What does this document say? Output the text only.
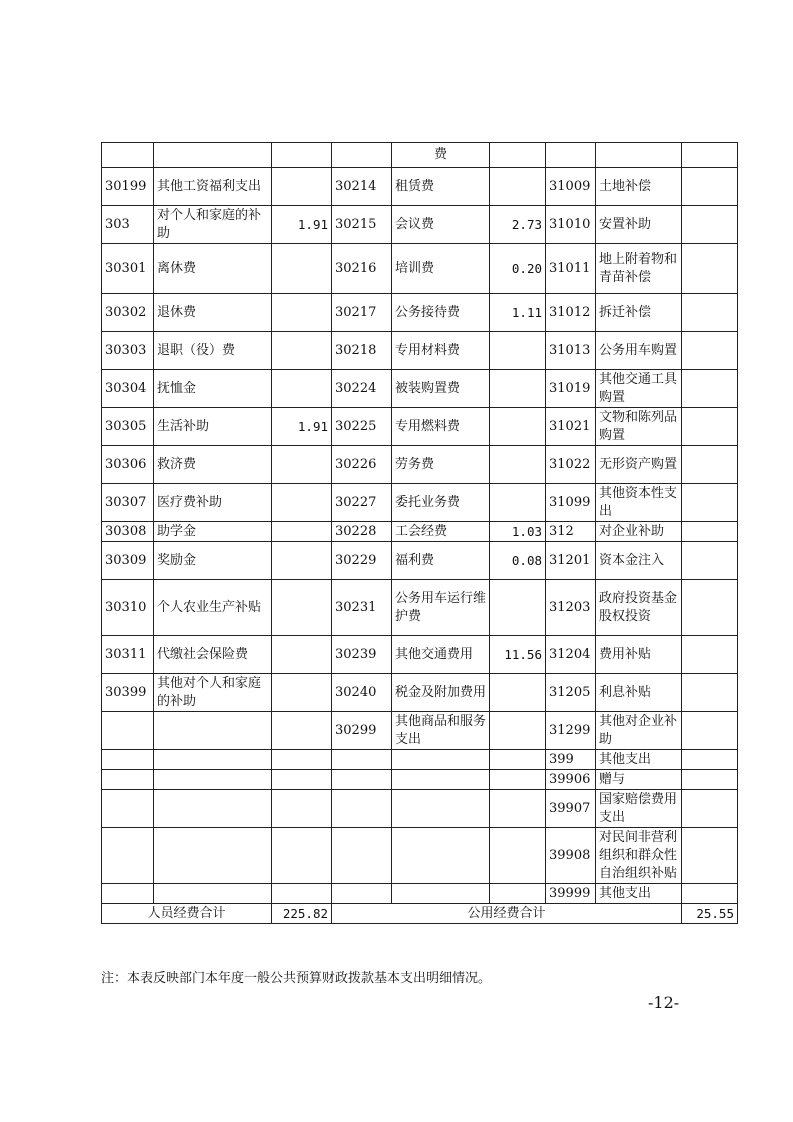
				费				
30199	其他工资福利支出		30214	租赁费		31009	土地补偿	
303	对个人和家庭的补助	1.91	30215	会议费	2.73	31010	安置补助	
30301	离休费		30216	培训费	0.20	31011	地上附着物和青苗补偿	
30302	退休费		30217	公务接待费	1.11	31012	拆迁补偿	
30303	退职（役）费		30218	专用材料费		31013	公务用车购置	
30304	抚恤金		30224	被装购置费		31019	其他交通工具购置	
30305	生活补助	1.91	30225	专用燃料费		31021	文物和陈列品购置	
30306	救济费		30226	劳务费		31022	无形资产购置	
30307	医疗费补助		30227	委托业务费		31099	其他资本性支出	
30308	助学金		30228	工会经费	1.03	312	对企业补助	
30309	奖励金		30229	福利费	0.08	31201	资本金注入	
30310	个人农业生产补贴		30231	公务用车运行维护费		31203	政府投资基金股权投资	
30311	代缴社会保险费		30239	其他交通费用	11.56	31204	费用补贴	
30399	其他对个人和家庭的补助		30240	税金及附加费用		31205	利息补贴	
			30299	其他商品和服务支出		31299	其他对企业补助	
						399	其他支出	
						39906	赠与	
						39907	国家赔偿费用支出	
						39908	对民间非营利组织和群众性自治组织补贴	
						39999	其他支出	
人员经费合计		225.82	公用经费合计					25.55
注：本表反映部门本年度一般公共预算财政拨款基本支出明细情况。
-12-
